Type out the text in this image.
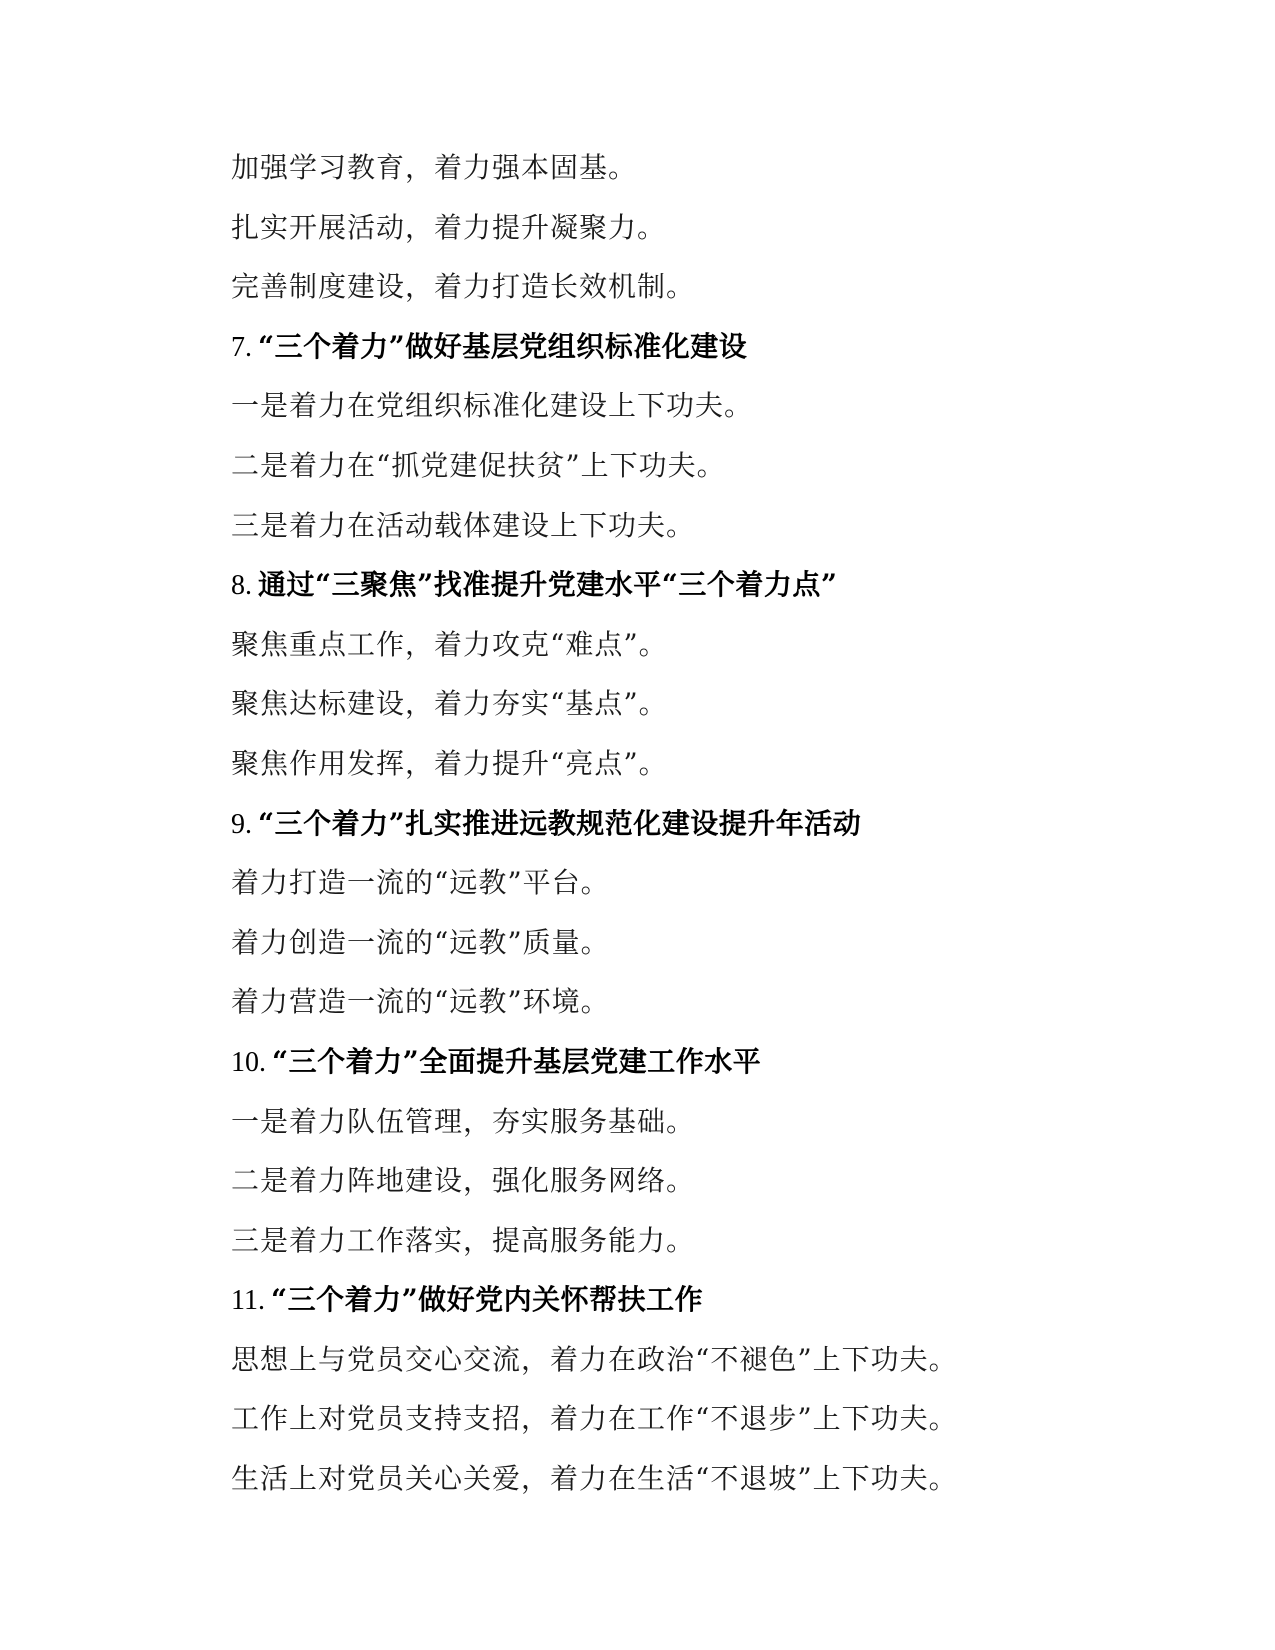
加强学习教育，着力强本固基。
扎实开展活动，着力提升凝聚力。
完善制度建设，着力打造长效机制。
7. “三个着力”做好基层党组织标准化建设
一是着力在党组织标准化建设上下功夫。
二是着力在“抓党建促扶贫”上下功夫。
三是着力在活动载体建设上下功夫。
8. 通过“三聚焦”找准提升党建水平“三个着力点”
聚焦重点工作，着力攻克“难点”。
聚焦达标建设，着力夯实“基点”。
聚焦作用发挥，着力提升“亮点”。
9. “三个着力”扎实推进远教规范化建设提升年活动
着力打造一流的“远教”平台。
着力创造一流的“远教”质量。
着力营造一流的“远教”环境。
10. “三个着力”全面提升基层党建工作水平
一是着力队伍管理，夯实服务基础。
二是着力阵地建设，强化服务网络。
三是着力工作落实，提高服务能力。
11. “三个着力”做好党内关怀帮扶工作
思想上与党员交心交流，着力在政治“不褪色”上下功夫。
工作上对党员支持支招，着力在工作“不退步”上下功夫。
生活上对党员关心关爱，着力在生活“不退坡”上下功夫。
